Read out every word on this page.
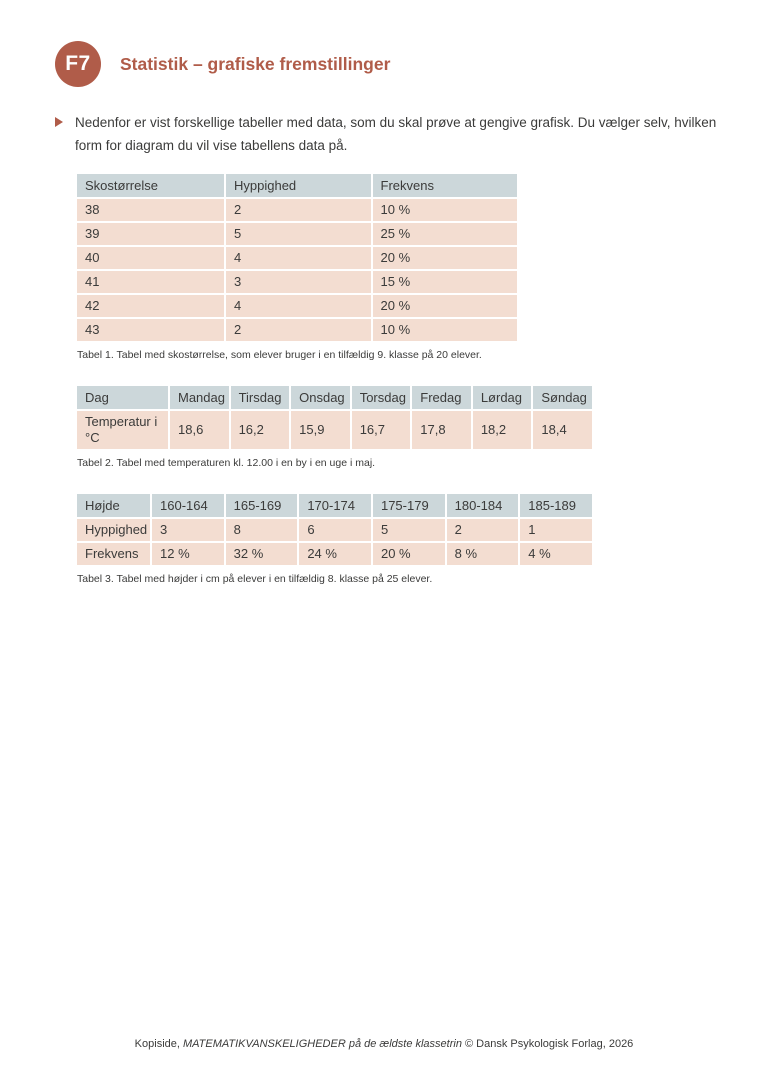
F7	Statistik – grafiske fremstillinger

Nedenfor er vist forskellige tabeller med data, som du skal prøve at gengive grafisk. Du vælger selv, hvilken
form for diagram du vil vise tabellens data på.

Skostørrelse	Hyppighed	Frekvens
38	2	10 %
39	5	25 %
40	4	20 %
41	3	15 %
42	4	20 %
43	2	10 %

Tabel 1. Tabel med skostørrelse, som elever bruger i en tilfældig 9. klasse på 20 elever.

Dag	Mandag	Tirsdag	Onsdag	Torsdag	Fredag	Lørdag	Søndag
Temperatur i °C	18,6	16,2	15,9	16,7	17,8	18,2	18,4

Tabel 2. Tabel med temperaturen kl. 12.00 i en by i en uge i maj.

Højde	160-164	165-169	170-174	175-179	180-184	185-189
Hyppighed	3	8	6	5	2	1
Frekvens	12 %	32 %	24 %	20 %	8 %	4 %

Tabel 3. Tabel med højder i cm på elever i en tilfældig 8. klasse på 25 elever.

Kopiside, MATEMATIKVANSKELIGHEDER på de ældste klassetrin © Dansk Psykologisk Forlag, 2026
